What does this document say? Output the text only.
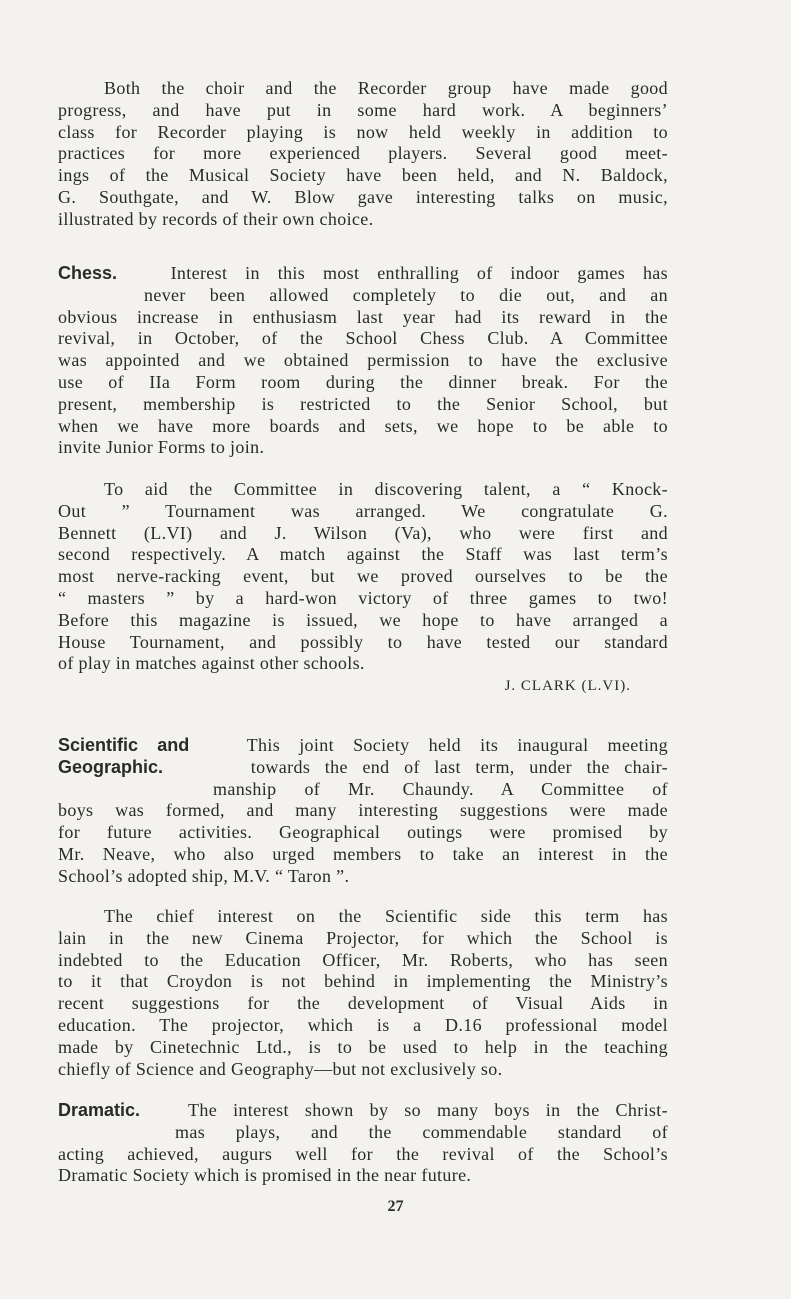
Both the choir and the Recorder group have made good
progress, and have put in some hard work. A beginners’
class for Recorder playing is now held weekly in addition to
practices for more experienced players. Several good meet-
ings of the Musical Society have been held, and N. Baldock,
G. Southgate, and W. Blow gave interesting talks on music,
illustrated by records of their own choice.
Chess.	Interest in this most enthralling of indoor games has
never been allowed completely to die out, and an
obvious increase in enthusiasm last year had its reward in the
revival, in October, of the School Chess Club. A Committee
was appointed and we obtained permission to have the exclusive
use of IIa Form room during the dinner break. For the
present, membership is restricted to the Senior School, but
when we have more boards and sets, we hope to be able to
invite Junior Forms to join.
To aid the Committee in discovering talent, a “ Knock-
Out ” Tournament was arranged. We congratulate G.
Bennett (L.VI) and J. Wilson (Va), who were first and
second respectively. A match against the Staff was last term’s
most nerve-racking event, but we proved ourselves to be the
“ masters ” by a hard-won victory of three games to two!
Before this magazine is issued, we hope to have arranged a
House Tournament, and possibly to have tested our standard
of play in matches against other schools.
J. CLARK (L.VI).
Scientific and	This joint Society held its inaugural meeting
Geographic.	towards the end of last term, under the chair-
manship of Mr. Chaundy. A Committee of
boys was formed, and many interesting suggestions were made
for future activities. Geographical outings were promised by
Mr. Neave, who also urged members to take an interest in the
School’s adopted ship, M.V. “ Taron ”.
The chief interest on the Scientific side this term has
lain in the new Cinema Projector, for which the School is
indebted to the Education Officer, Mr. Roberts, who has seen
to it that Croydon is not behind in implementing the Ministry’s
recent suggestions for the development of Visual Aids in
education. The projector, which is a D.16 professional model
made by Cinetechnic Ltd., is to be used to help in the teaching
chiefly of Science and Geography—but not exclusively so.
Dramatic.	The interest shown by so many boys in the Christ-
mas plays, and the commendable standard of
acting achieved, augurs well for the revival of the School’s
Dramatic Society which is promised in the near future.
27
